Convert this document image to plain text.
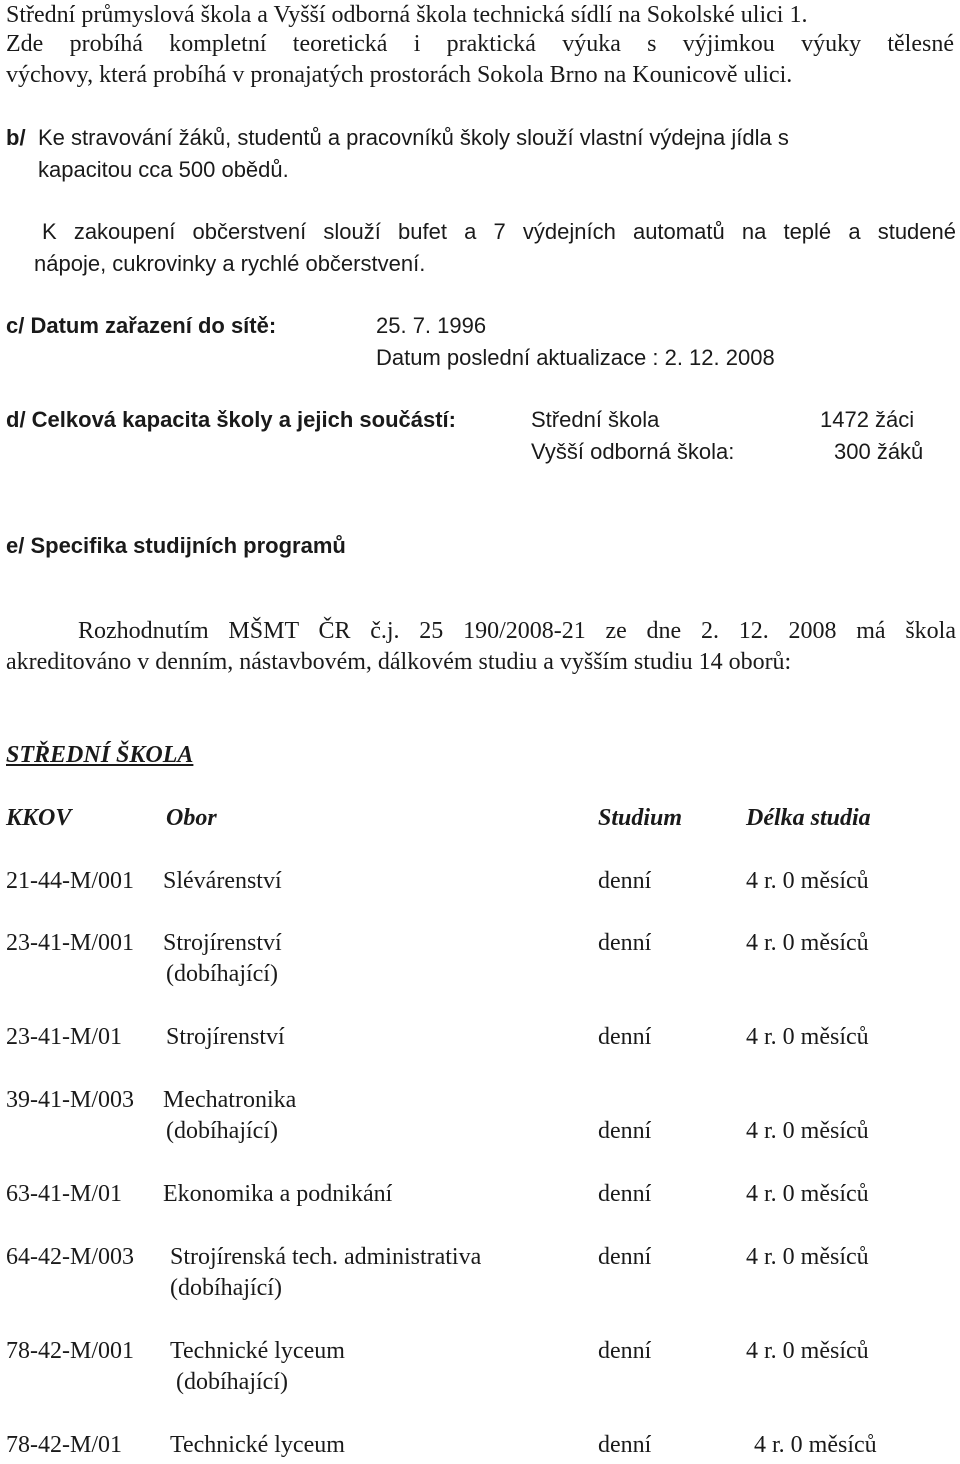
Střední průmyslová škola a Vyšší odborná škola technická sídlí na Sokolské ulici 1.
Zde probíhá kompletní teoretická i praktická výuka s výjimkou výuky tělesné
výchovy, která probíhá v pronajatých prostorách Sokola Brno na Kounicově ulici.
b/ Ke stravování žáků, studentů a pracovníků školy slouží vlastní výdejna jídla s
kapacitou cca 500 obědů.
K zakoupení občerstvení slouží bufet a 7 výdejních automatů na teplé a studené
nápoje, cukrovinky a rychlé občerstvení.
c/ Datum zařazení do sítě:	25. 7. 1996
Datum poslední aktualizace : 2. 12. 2008
d/ Celková kapacita školy a jejich součástí:	Střední škola	1472 žáci
Vyšší odborná škola:	300 žáků
e/ Specifika studijních programů
Rozhodnutím MŠMT ČR č.j. 25 190/2008-21 ze dne 2. 12. 2008 má škola
akreditováno v denním, nástavbovém, dálkovém studiu a vyšším studiu 14 oborů:
STŘEDNÍ ŠKOLA
KKOV	Obor	Studium	Délka studia
21-44-M/001 Slévárenství	denní	4 r. 0 měsíců
23-41-M/001 Strojírenství	denní	4 r. 0 měsíců
(dobíhající)
23-41-M/01 Strojírenství	denní	4 r. 0 měsíců
39-41-M/003 Mechatronika
(dobíhající)	denní	4 r. 0 měsíců
63-41-M/01 Ekonomika a podnikání	denní	4 r. 0 měsíců
64-42-M/003 Strojírenská tech. administrativa	denní	4 r. 0 měsíců
(dobíhající)
78-42-M/001 Technické lyceum	denní	4 r. 0 měsíců
(dobíhající)
78-42-M/01 Technické lyceum	denní	4 r. 0 měsíců
